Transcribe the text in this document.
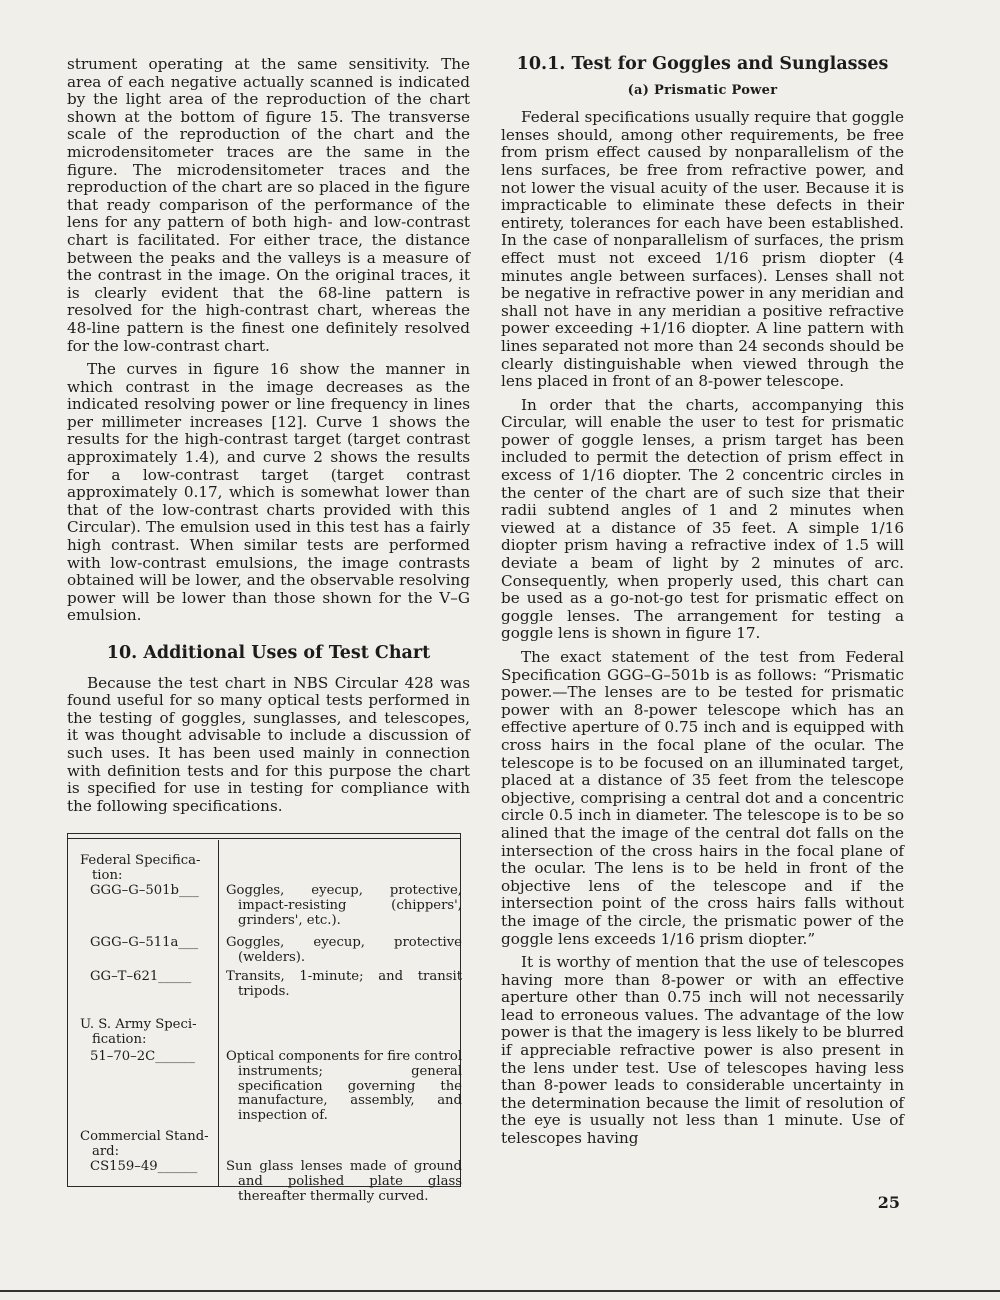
strument operating at the same sensitivity. The area of each negative actually scanned is indicated by the light area of the reproduction of the chart shown at the bottom of figure 15. The transverse scale of the reproduction of the chart and the microdensitometer traces are the same in the figure. The microdensitometer traces and the reproduction of the chart are so placed in the figure that ready comparison of the performance of the lens for any pattern of both high- and low-contrast chart is facilitated. For either trace, the distance between the peaks and the valleys is a measure of the contrast in the image. On the original traces, it is clearly evident that the 68-line pattern is resolved for the high-contrast chart, whereas the 48-line pattern is the finest one definitely resolved for the low-contrast chart.

The curves in figure 16 show the manner in which contrast in the image decreases as the indicated resolving power or line frequency in lines per millimeter increases [12]. Curve 1 shows the results for the high-contrast target (target contrast approximately 1.4), and curve 2 shows the results for a low-contrast target (target contrast approximately 0.17, which is somewhat lower than that of the low-contrast charts provided with this Circular). The emulsion used in this test has a fairly high contrast. When similar tests are performed with low-contrast emulsions, the image contrasts obtained will be lower, and the observable resolving power will be lower than those shown for the V–G emulsion.

10. Additional Uses of Test Chart

Because the test chart in NBS Circular 428 was found useful for so many optical tests performed in the testing of goggles, sunglasses, and telescopes, it was thought advisable to include a discussion of such uses. It has been used mainly in connection with definition tests and for this purpose the chart is specified for use in testing for compliance with the following specifications.

Federal Specifica-tion:
GGG–G–501b___	Goggles, eyecup, protective, impact-resisting (chippers', grinders', etc.).
GGG–G–511a___	Goggles, eyecup, protective (welders).
GG–T–621_____	Transits, 1-minute; and transit tripods.
U. S. Army Speci-fication:
51–70–2C______	Optical components for fire control instruments; general specification governing the manufacture, assembly, and inspection of.
Commercial Stand-ard:
CS159–49______	Sun glass lenses made of ground and polished plate glass thereafter thermally curved.
10.1. Test for Goggles and Sunglasses
(a) Prismatic Power

Federal specifications usually require that goggle lenses should, among other requirements, be free from prism effect caused by nonparallelism of the lens surfaces, be free from refractive power, and not lower the visual acuity of the user. Because it is impracticable to eliminate these defects in their entirety, tolerances for each have been established. In the case of nonparallelism of surfaces, the prism effect must not exceed 1/16 prism diopter (4 minutes angle between surfaces). Lenses shall not be negative in refractive power in any meridian and shall not have in any meridian a positive refractive power exceeding +1/16 diopter. A line pattern with lines separated not more than 24 seconds should be clearly distinguishable when viewed through the lens placed in front of an 8-power telescope.

In order that the charts, accompanying this Circular, will enable the user to test for prismatic power of goggle lenses, a prism target has been included to permit the detection of prism effect in excess of 1/16 diopter. The 2 concentric circles in the center of the chart are of such size that their radii subtend angles of 1 and 2 minutes when viewed at a distance of 35 feet. A simple 1/16 diopter prism having a refractive index of 1.5 will deviate a beam of light by 2 minutes of arc. Consequently, when properly used, this chart can be used as a go-not-go test for prismatic effect on goggle lenses. The arrangement for testing a goggle lens is shown in figure 17.

The exact statement of the test from Federal Specification GGG–G–501b is as follows: “Prismatic power.—The lenses are to be tested for prismatic power with an 8-power telescope which has an effective aperture of 0.75 inch and is equipped with cross hairs in the focal plane of the ocular. The telescope is to be focused on an illuminated target, placed at a distance of 35 feet from the telescope objective, comprising a central dot and a concentric circle 0.5 inch in diameter. The telescope is to be so alined that the image of the central dot falls on the intersection of the cross hairs in the focal plane of the ocular. The lens is to be held in front of the objective lens of the telescope and if the intersection point of the cross hairs falls without the image of the circle, the prismatic power of the goggle lens exceeds 1/16 prism diopter.”

It is worthy of mention that the use of telescopes having more than 8-power or with an effective aperture other than 0.75 inch will not necessarily lead to erroneous values. The advantage of the low power is that the imagery is less likely to be blurred if appreciable refractive power is also present in the lens under test. Use of telescopes having less than 8-power leads to considerable uncertainty in the determination because the limit of resolution of the eye is usually not less than 1 minute. Use of telescopes having

25
